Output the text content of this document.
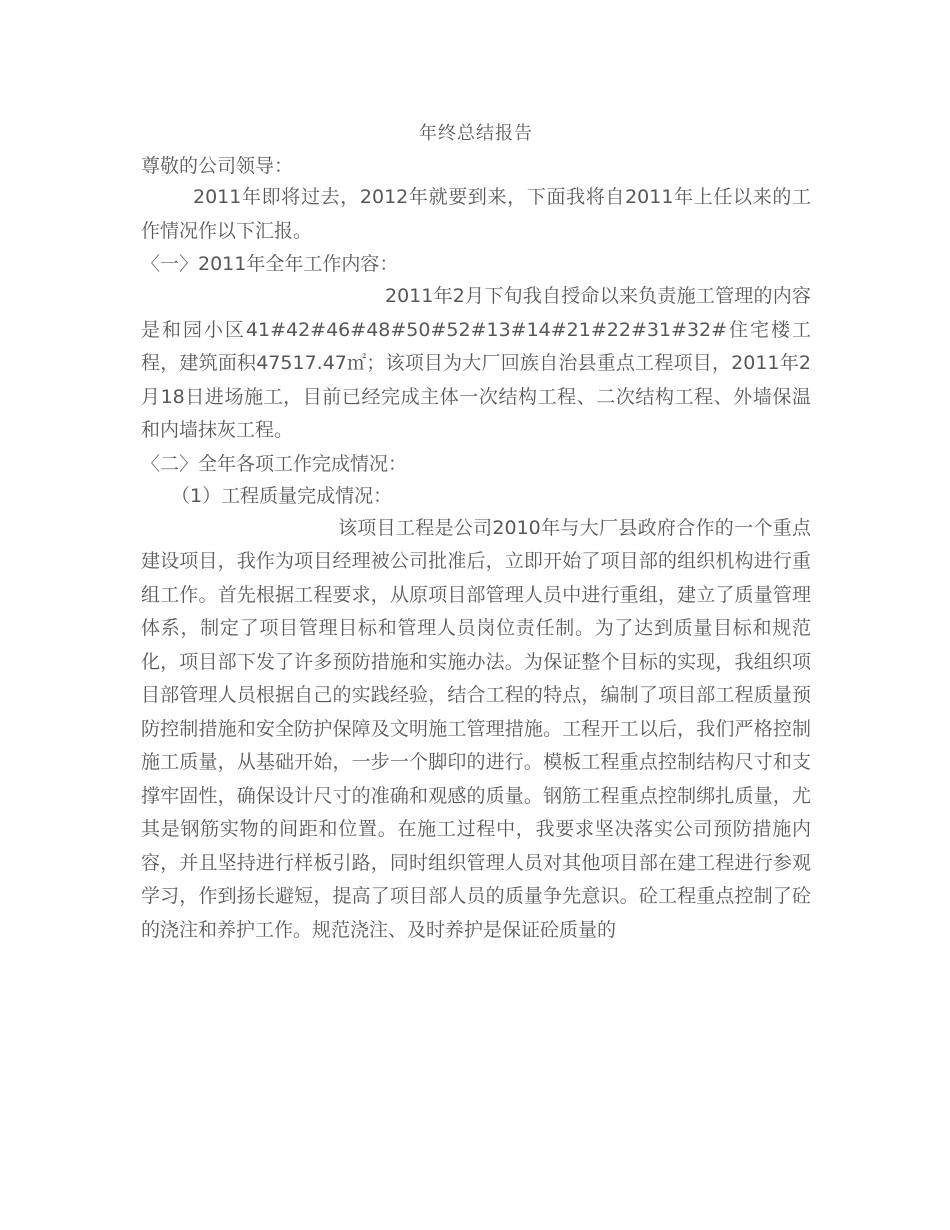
年终总结报告

尊敬的公司领导：

2011年即将过去，2012年就要到来，下面我将自2011年上任以来的工作情况作以下汇报。

〈一〉2011年全年工作内容：

2011年2月下旬我自授命以来负责施工管理的内容是和园小区41#42#46#48#50#52#13#14#21#22#31#32#住宅楼工程，建筑面积47517.47㎡；该项目为大厂回族自治县重点工程项目，2011年2月18日进场施工，目前已经完成主体一次结构工程、二次结构工程、外墙保温和内墙抹灰工程。

〈二〉全年各项工作完成情况：

（1）工程质量完成情况：

该项目工程是公司2010年与大厂县政府合作的一个重点建设项目，我作为项目经理被公司批准后，立即开始了项目部的组织机构进行重组工作。首先根据工程要求，从原项目部管理人员中进行重组，建立了质量管理体系，制定了项目管理目标和管理人员岗位责任制。为了达到质量目标和规范化，项目部下发了许多预防措施和实施办法。为保证整个目标的实现，我组织项目部管理人员根据自己的实践经验，结合工程的特点，编制了项目部工程质量预防控制措施和安全防护保障及文明施工管理措施。工程开工以后，我们严格控制施工质量，从基础开始，一步一个脚印的进行。模板工程重点控制结构尺寸和支撑牢固性，确保设计尺寸的准确和观感的质量。钢筋工程重点控制绑扎质量，尤其是钢筋实物的间距和位置。在施工过程中，我要求坚决落实公司预防措施内容，并且坚持进行样板引路，同时组织管理人员对其他项目部在建工程进行参观学习，作到扬长避短，提高了项目部人员的质量争先意识。砼工程重点控制了砼的浇注和养护工作。规范浇注、及时养护是保证砼质量的
